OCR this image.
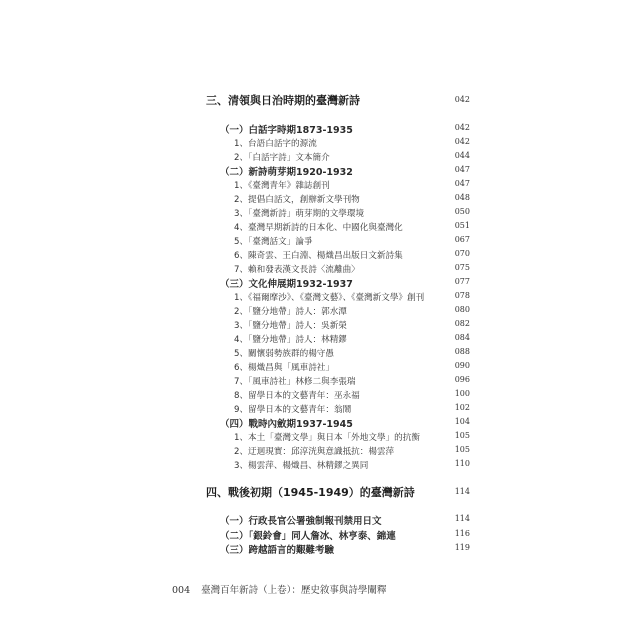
三、清領與日治時期的臺灣新詩	042
（一）白話字時期1873-1935	042
1、台語白話字的源流	042
2、「白話字詩」文本簡介	044
（二）新詩萌芽期1920-1932	047
1、《臺灣青年》雜誌創刊	047
2、提倡白話文，創辦新文學刊物	048
3、「臺灣新詩」萌芽期的文學環境	050
4、臺灣早期新詩的日本化、中國化與臺灣化	051
5、「臺灣話文」論爭	067
6、陳奇雲、王白淵、楊熾昌出版日文新詩集	070
7、賴和發表漢文長詩〈流離曲〉	075
（三）文化伸展期1932-1937	077
1、《福爾摩沙》、《臺灣文藝》、《臺灣新文學》創刊	078
2、「鹽分地帶」詩人：郭水潭	080
3、「鹽分地帶」詩人：吳新榮	082
4、「鹽分地帶」詩人：林精鏐	084
5、關懷弱勢族群的楊守愚	088
6、楊熾昌與「風車詩社」	090
7、「風車詩社」林修二與李張瑞	096
8、留學日本的文藝青年：巫永福	100
9、留學日本的文藝青年：翁鬧	102
（四）戰時內斂期1937-1945	104
1、本土「臺灣文學」與日本「外地文學」的抗衡	105
2、迂迴現實：邱淳洸與意識抵抗：楊雲萍	105
3、楊雲萍、楊熾昌、林精鏐之異同	110
四、戰後初期（1945-1949）的臺灣新詩	114
（一）行政長官公署強制報刊禁用日文	114
（二）「銀鈴會」同人詹冰、林亨泰、錦連	116
（三）跨越語言的艱難考驗	119
004 臺灣百年新詩（上卷）：歷史敘事與詩學闡釋
